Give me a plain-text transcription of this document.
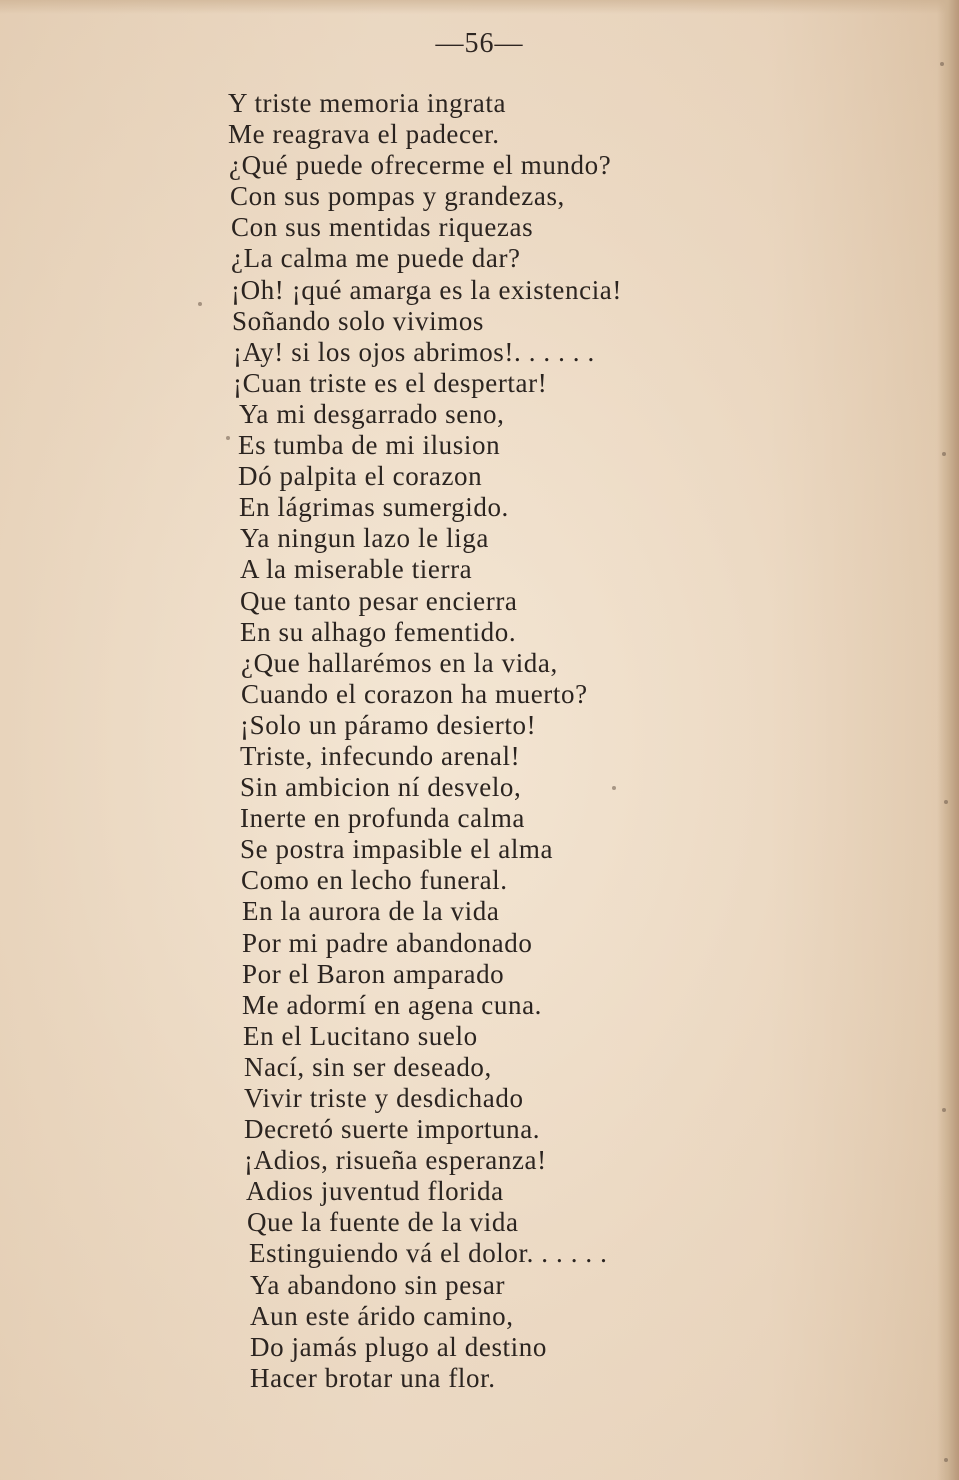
—56—
Y triste memoria ingrata
Me reagrava el padecer.
¿Qué puede ofrecerme el mundo?
Con sus pompas y grandezas,
Con sus mentidas riquezas
¿La calma me puede dar?
¡Oh! ¡qué amarga es la existencia!
Soñando solo vivimos
¡Ay! si los ojos abrimos!. . . . . .
¡Cuan triste es el despertar!
Ya mi desgarrado seno,
Es tumba de mi ilusion
Dó palpita el corazon
En lágrimas sumergido.
Ya ningun lazo le liga
A la miserable tierra
Que tanto pesar encierra
En su alhago fementido.
¿Que hallarémos en la vida,
Cuando el corazon ha muerto?
¡Solo un páramo desierto!
Triste, infecundo arenal!
Sin ambicion ní desvelo,
Inerte en profunda calma
Se postra impasible el alma
Como en lecho funeral.
En la aurora de la vida
Por mi padre abandonado
Por el Baron amparado
Me adormí en agena cuna.
En el Lucitano suelo
Nací, sin ser deseado,
Vivir triste y desdichado
Decretó suerte importuna.
¡Adios, risueña esperanza!
Adios juventud florida
Que la fuente de la vida
Estinguiendo vá el dolor. . . . . .
Ya abandono sin pesar
Aun este árido camino,
Do jamás plugo al destino
Hacer brotar una flor.
